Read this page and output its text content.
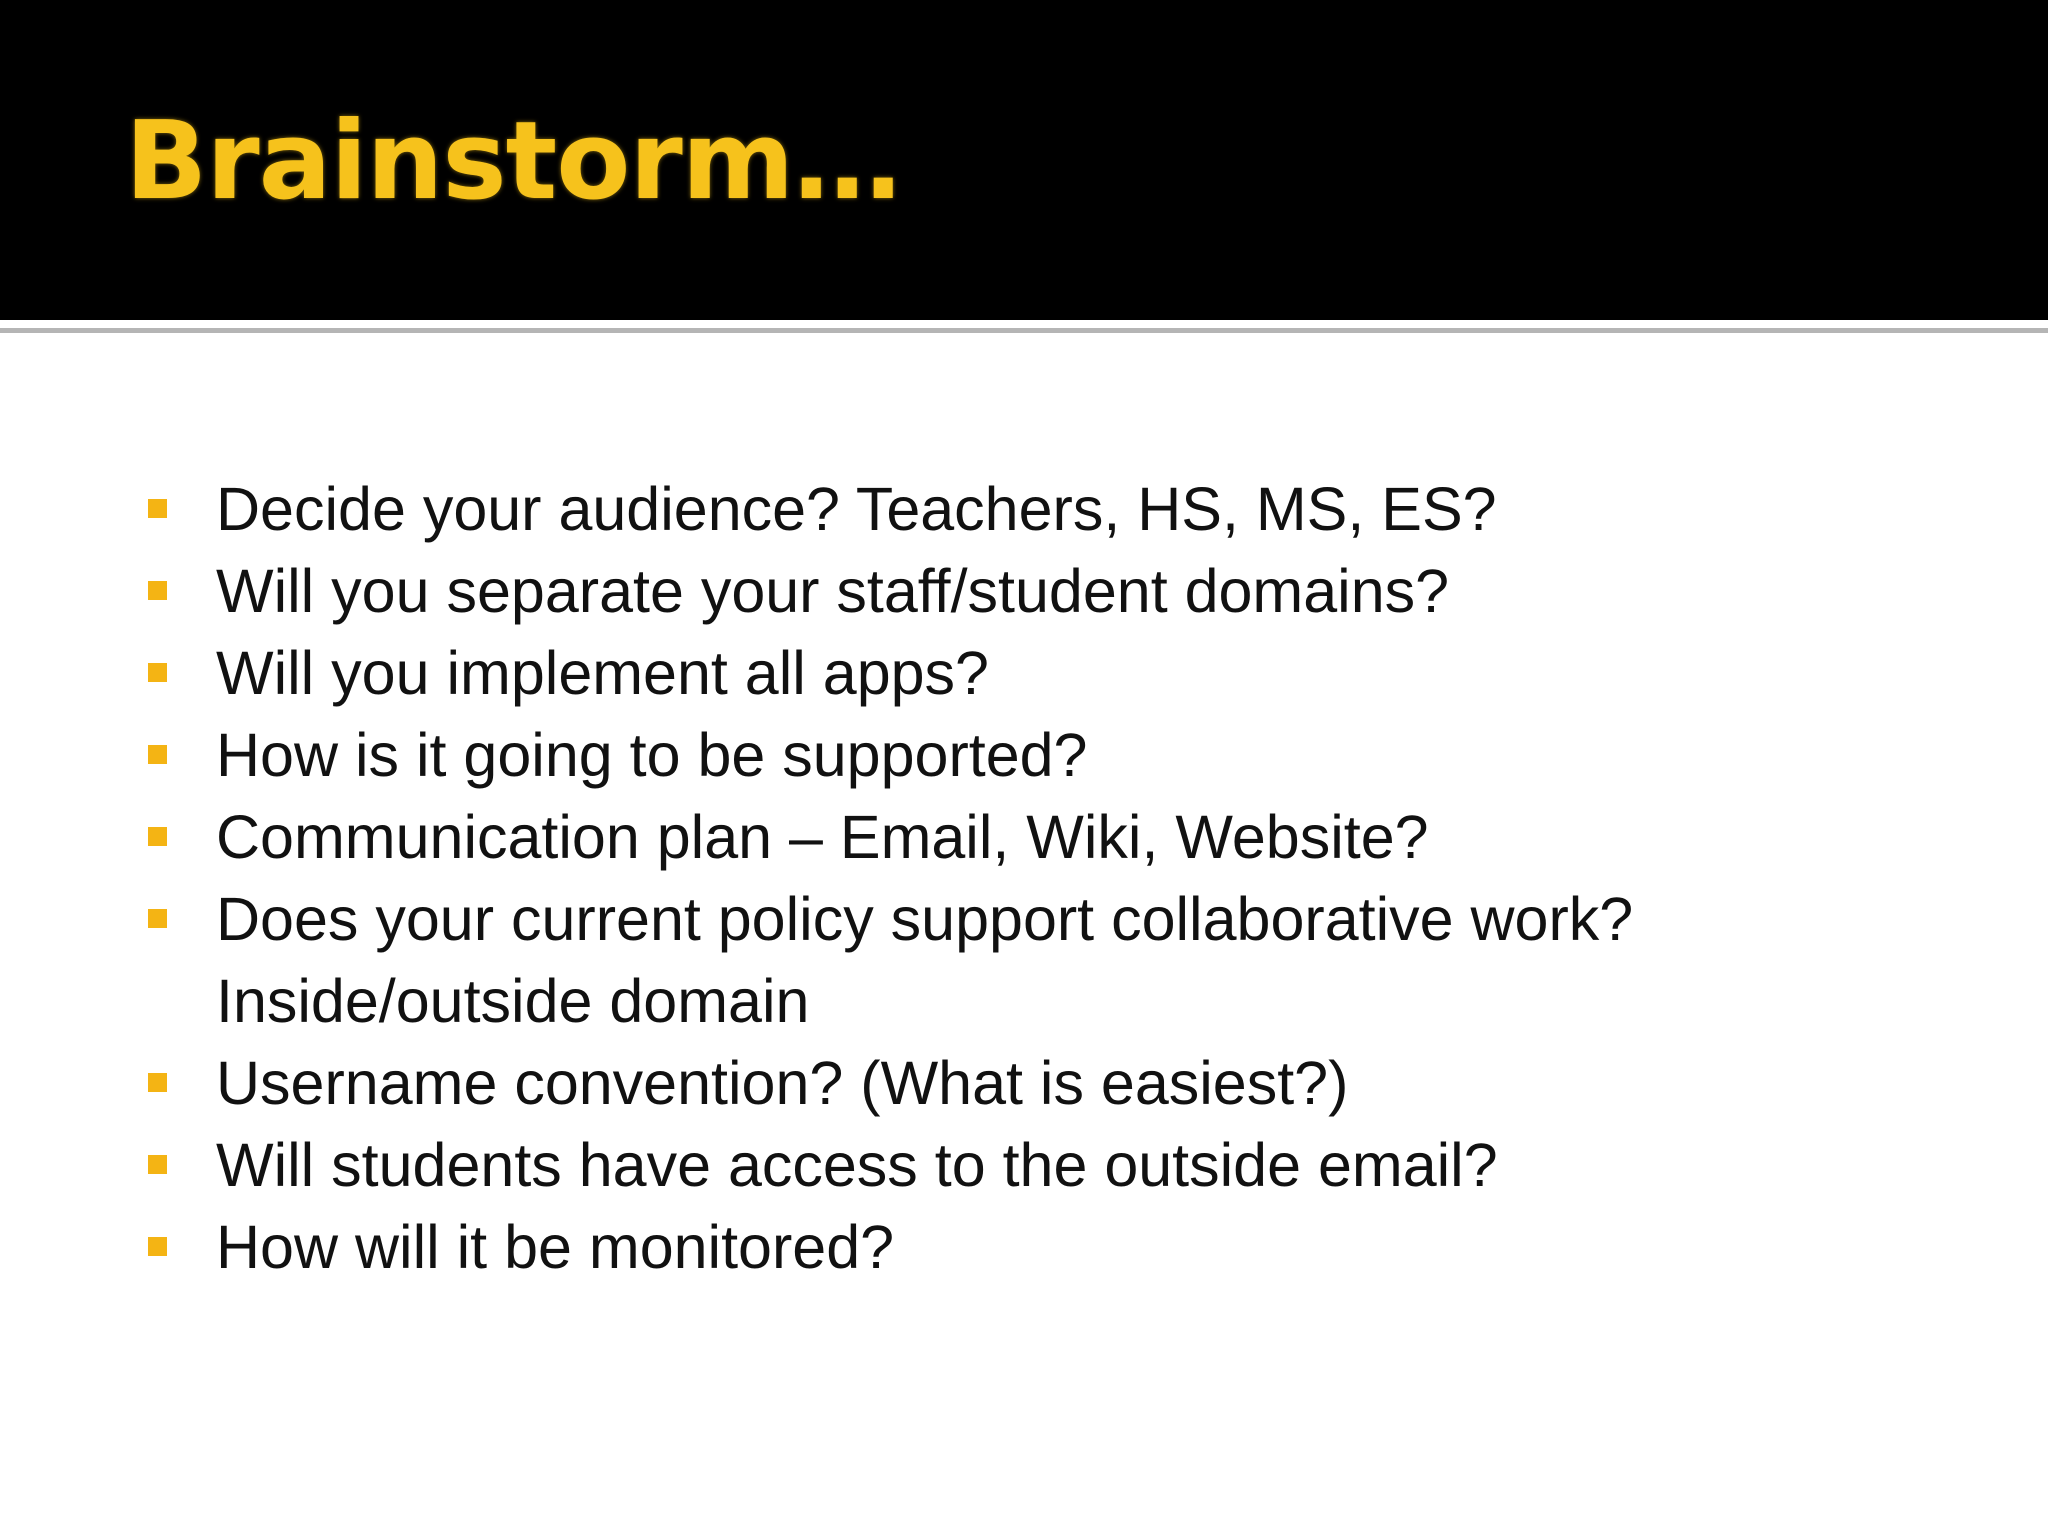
Brainstorm…
Decide your audience? Teachers, HS, MS, ES?
Will you separate your staff/student domains?
Will you implement all apps?
How is it going to be supported?
Communication plan – Email, Wiki, Website?
Does your current policy support collaborative work?
Inside/outside domain
Username convention? (What is easiest?)
Will students have access to the outside email?
How will it be monitored?
